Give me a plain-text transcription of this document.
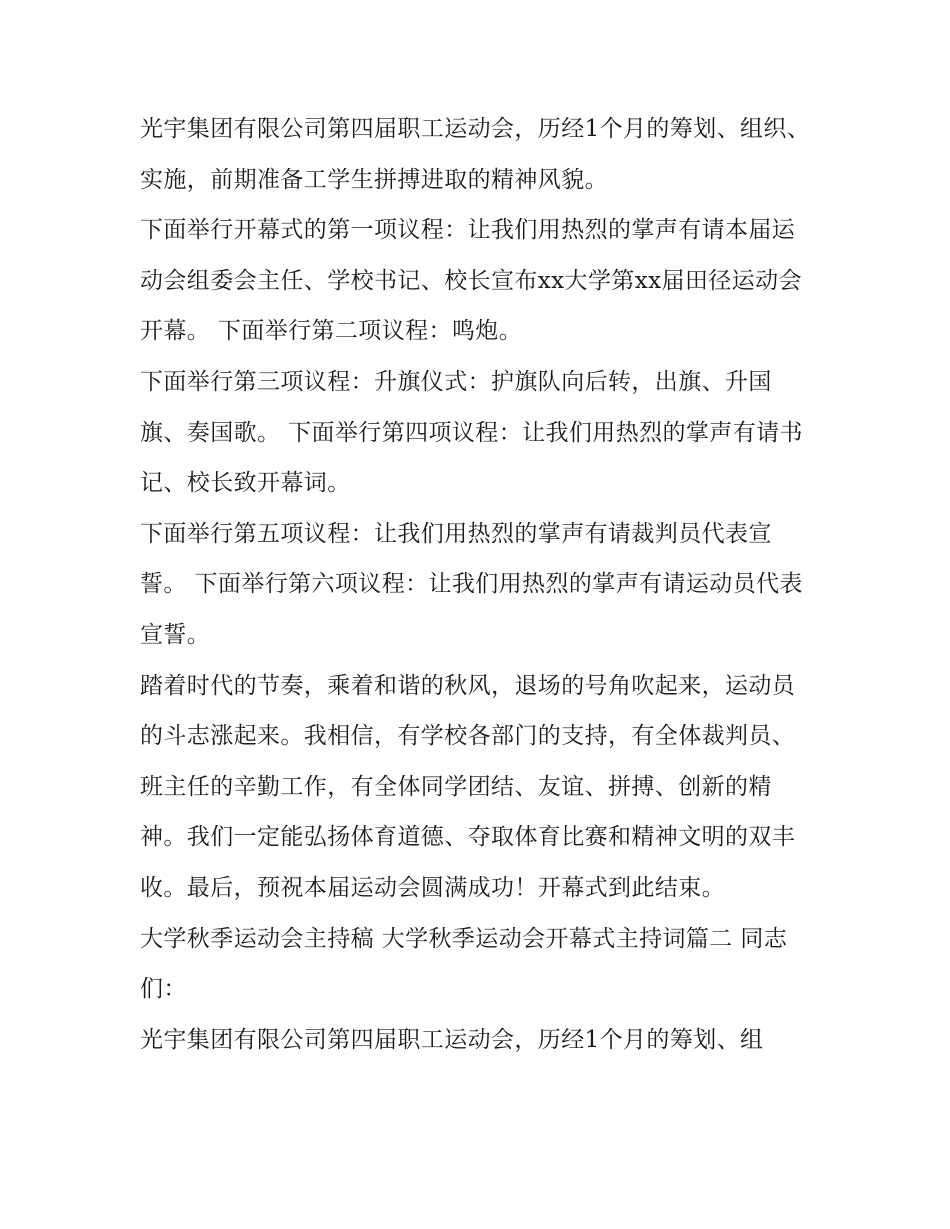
光宇集团有限公司第四届职工运动会，历经1个月的筹划、组织、实施，前期准备工学生拼搏进取的精神风貌。

下面举行开幕式的第一项议程：让我们用热烈的掌声有请本届运动会组委会主任、学校书记、校长宣布xx大学第xx届田径运动会开幕。 下面举行第二项议程：鸣炮。

下面举行第三项议程：升旗仪式：护旗队向后转，出旗、升国旗、奏国歌。 下面举行第四项议程：让我们用热烈的掌声有请书记、校长致开幕词。

下面举行第五项议程：让我们用热烈的掌声有请裁判员代表宣誓。 下面举行第六项议程：让我们用热烈的掌声有请运动员代表宣誓。

踏着时代的节奏，乘着和谐的秋风，退场的号角吹起来，运动员的斗志涨起来。我相信，有学校各部门的支持，有全体裁判员、班主任的辛勤工作，有全体同学团结、友谊、拼搏、创新的精神。我们一定能弘扬体育道德、夺取体育比赛和精神文明的双丰收。最后，预祝本届运动会圆满成功！开幕式到此结束。

大学秋季运动会主持稿 大学秋季运动会开幕式主持词篇二 同志们：

光宇集团有限公司第四届职工运动会，历经1个月的筹划、组
